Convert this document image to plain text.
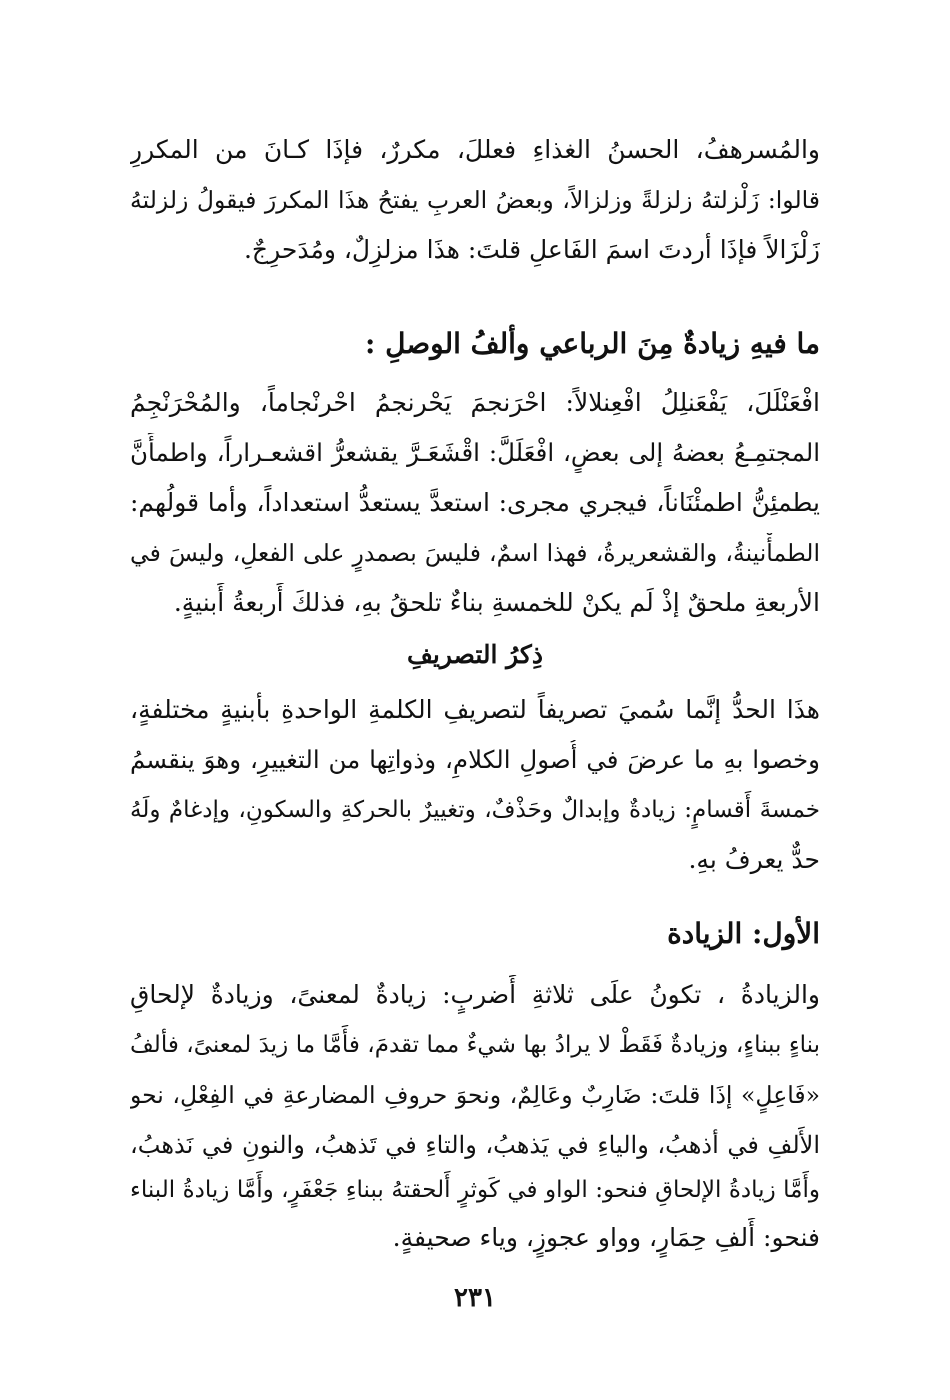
والمُسرهفُ، الحسنُ الغذاءِ فعللَ، مكررٌ، فإذَا كـانَ من المكررِ
قالوا: زَلْزلتهُ زلزلةً وزلزالاً، وبعضُ العربِ يفتحُ هذَا المكررَ فيقولُ زلزلتهُ
زَلْزَالاً فإذَا أردتَ اسمَ الفَاعلِ قلتَ: هذَا مزلزِلٌ، ومُدَحرِجٌ.
ما فيهِ زيادةٌ مِنَ الرباعي وألفُ الوصلِ :
افْعَنْلَلَ، يَفْعَنلِلُ افْعِنلالاً: احْرَنجمَ يَحْرنجمُ احْرنْجاماً، والمُحْرَنْجِمُ
المجتمِـعُ بعضهُ إلى بعضٍ، افْعَلَلَّ: اقْشَعَـرَّ يقشعرُّ اقشعـراراً، واطمأَنَّ
يطمئِنُّ اطمئْنَاناً، فيجري مجرى: استعدَّ يستعدُّ استعداداً، وأما قولُهم:
الطمأْنينةُ، والقشعريرةُ، فهذا اسمٌ، فليسَ بصمدرٍ على الفعلِ، وليسَ في
الأربعةِ ملحقٌ إذْ لَم يكنْ للخمسةِ بناءٌ تلحقُ بهِ، فذلكَ أَربعةُ أَبنيةٍ.
ذِكرُ التصريفِ
هذَا الحدُّ إنَّما سُميَ تصريفاً لتصريفِ الكلمةِ الواحدةِ بأبنيةٍ مختلفةٍ،
وخصوا بهِ ما عرضَ في أُصولِ الكلامِ، وذواتِها من التغييرِ، وهوَ ينقسمُ
خمسةَ أَقسامٍ: زيادةٌ وإبدالٌ وحَذْفٌ، وتغييرٌ بالحركةِ والسكونِ، وإدغامٌ ولَهُ
حدٌّ يعرفُ بهِ.
الأول: الزيادة
والزيادةُ ، تكونُ علَى ثلاثةِ أَضربٍ: زيادةٌ لمعنىً، وزيادةٌ لإلحاقِ
بناءٍ ببناءٍ، وزيادةٌ فَقَطْ لا يرادُ بها شيءٌ مما تقدمَ، فأَمَّا ما زيدَ لمعنىً، فألفُ
«فَاعِلٍ» إذَا قلتَ: ضَارِبٌ وعَالِمٌ، ونحوَ حروفِ المضارعةِ في الفِعْلِ، نحو
الأَلفِ في أذهبُ، والياءِ في يَذهبُ، والتاءِ في تَذهبُ، والنونِ في نَذهبُ،
وأَمَّا زيادةُ الإلحاقِ فنحو: الواو في كَوثرٍ أَلحقتهُ ببناءِ جَعْفَرٍ، وأَمَّا زيادةُ البناء
فنحو: أَلفِ حِمَارٍ، وواو عجوزٍ، وياء صحيفةٍ.
٢٣١
